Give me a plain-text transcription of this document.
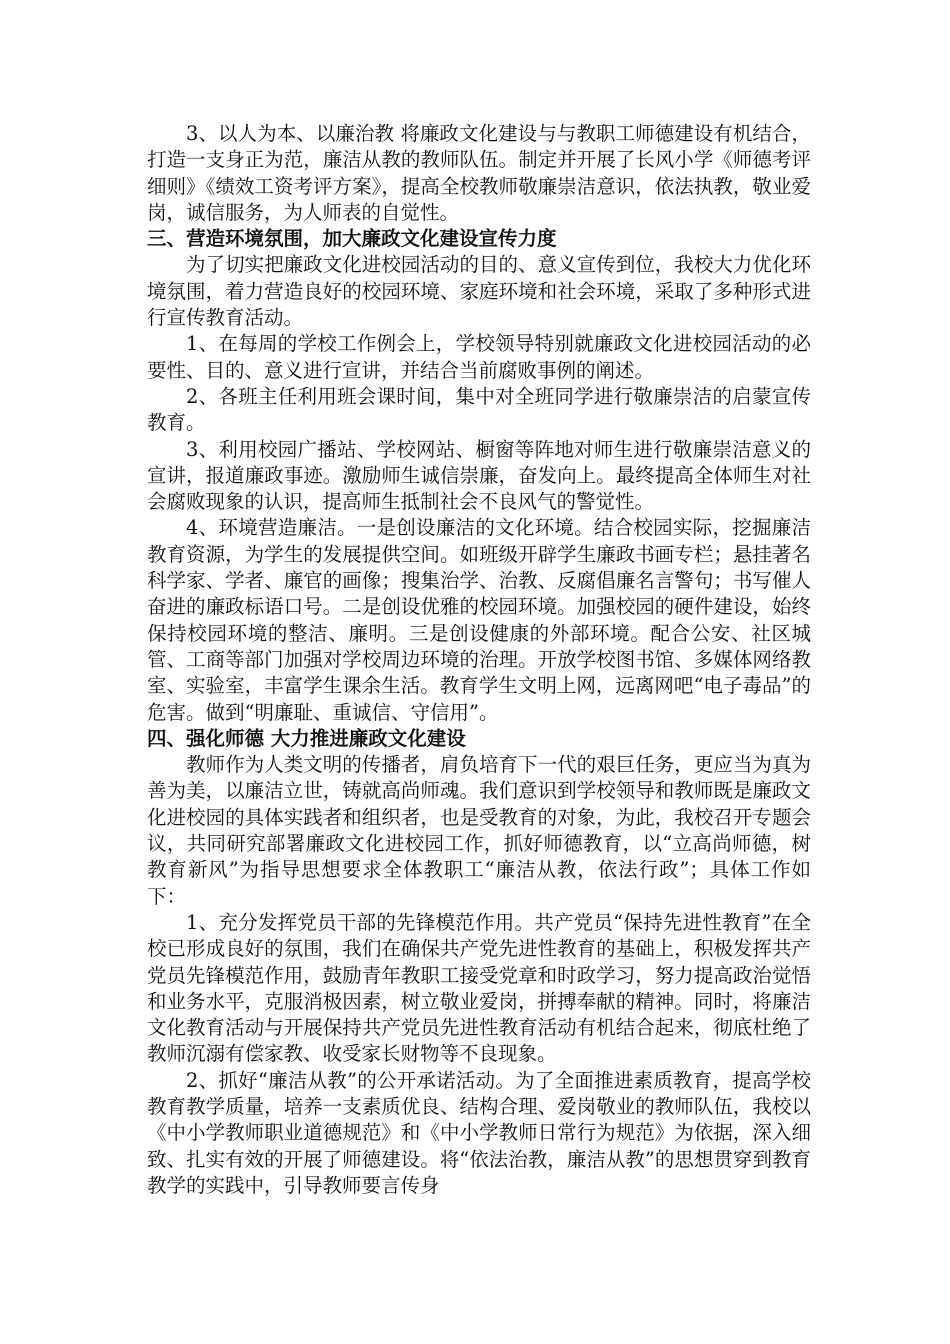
3、以人为本、以廉治教 将廉政文化建设与与教职工师德建设有机结合，打造一支身正为范，廉洁从教的教师队伍。制定并开展了长风小学《师德考评细则》《绩效工资考评方案》，提高全校教师敬廉崇洁意识，依法执教，敬业爱岗，诚信服务，为人师表的自觉性。

三、营造环境氛围，加大廉政文化建设宣传力度

为了切实把廉政文化进校园活动的目的、意义宣传到位，我校大力优化环境氛围，着力营造良好的校园环境、家庭环境和社会环境，采取了多种形式进行宣传教育活动。

1、在每周的学校工作例会上，学校领导特别就廉政文化进校园活动的必要性、目的、意义进行宣讲，并结合当前腐败事例的阐述。

2、各班主任利用班会课时间，集中对全班同学进行敬廉崇洁的启蒙宣传教育。

3、利用校园广播站、学校网站、橱窗等阵地对师生进行敬廉崇洁意义的宣讲，报道廉政事迹。激励师生诚信崇廉，奋发向上。最终提高全体师生对社会腐败现象的认识，提高师生抵制社会不良风气的警觉性。

4、环境营造廉洁。一是创设廉洁的文化环境。结合校园实际，挖掘廉洁教育资源，为学生的发展提供空间。如班级开辟学生廉政书画专栏；悬挂著名科学家、学者、廉官的画像；搜集治学、治教、反腐倡廉名言警句；书写催人奋进的廉政标语口号。二是创设优雅的校园环境。加强校园的硬件建设，始终保持校园环境的整洁、廉明。三是创设健康的外部环境。配合公安、社区城管、工商等部门加强对学校周边环境的治理。开放学校图书馆、多媒体网络教室、实验室，丰富学生课余生活。教育学生文明上网，远离网吧“电子毒品”的危害。做到“明廉耻、重诚信、守信用”。

四、强化师德 大力推进廉政文化建设

教师作为人类文明的传播者，肩负培育下一代的艰巨任务，更应当为真为善为美，以廉洁立世，铸就高尚师魂。我们意识到学校领导和教师既是廉政文化进校园的具体实践者和组织者，也是受教育的对象，为此，我校召开专题会议，共同研究部署廉政文化进校园工作，抓好师德教育，以“立高尚师德，树教育新风”为指导思想要求全体教职工“廉洁从教，依法行政”；具体工作如下：

1、充分发挥党员干部的先锋模范作用。共产党员“保持先进性教育”在全校已形成良好的氛围，我们在确保共产党先进性教育的基础上，积极发挥共产党员先锋模范作用，鼓励青年教职工接受党章和时政学习，努力提高政治觉悟和业务水平，克服消极因素，树立敬业爱岗，拼搏奉献的精神。同时，将廉洁文化教育活动与开展保持共产党员先进性教育活动有机结合起来，彻底杜绝了教师沉溺有偿家教、收受家长财物等不良现象。

2、抓好“廉洁从教”的公开承诺活动。为了全面推进素质教育，提高学校教育教学质量，培养一支素质优良、结构合理、爱岗敬业的教师队伍，我校以《中小学教师职业道德规范》和《中小学教师日常行为规范》为依据，深入细致、扎实有效的开展了师德建设。将“依法治教，廉洁从教”的思想贯穿到教育教学的实践中，引导教师要言传身
